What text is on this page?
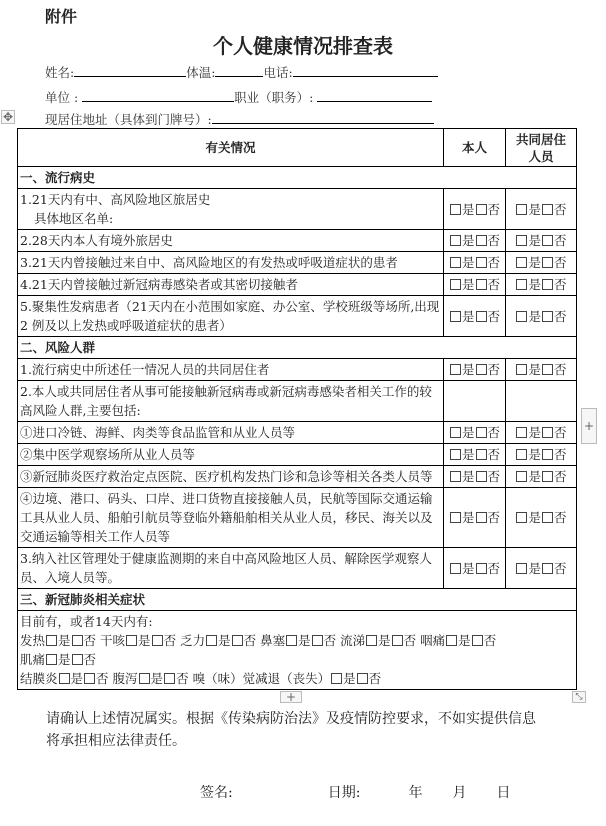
附件
个人健康情况排查表
姓名:	体温:	电话:
单位 :	职业（职务）:
现居住地址（具体到门牌号）:
✥
有关情况	本人	共同居住人员
一、流行病史		
1.21天内有中、高风险地区旅居史
具体地区名单:	是 否	是 否
2.28天内本人有境外旅居史	是 否	是 否
3.21天内曾接触过来自中、高风险地区的有发热或呼吸道症状的患者	是 否	是 否
4.21天内曾接触过新冠病毒感染者或其密切接触者	是 否	是 否
5.聚集性发病患者（21天内在小范围如家庭、办公室、学校班级等场所,出现 2 例及以上发热或呼吸道症状的患者）	是 否	是 否
二、风险人群		
1.流行病史中所述任一情况人员的共同居住者	是 否	是 否
2.本人或共同居住者从事可能接触新冠病毒或新冠病毒感染者相关工作的较高风险人群,主要包括:		
①进口冷链、海鲜、肉类等食品监管和从业人员等	是 否	是 否
②集中医学观察场所从业人员等	是 否	是 否
③新冠肺炎医疗救治定点医院、医疗机构发热门诊和急诊等相关各类人员等	是 否	是 否
④边境、港口、码头、口岸、进口货物直接接触人员，民航等国际交通运输工具从业人员、船舶引航员等登临外籍船舶相关从业人员，移民、海关以及交通运输等相关工作人员等	是 否	是 否
3.纳入社区管理处于健康监测期的来自中高风险地区人员、解除医学观察人员、入境人员等。	是 否	是 否
三、新冠肺炎相关症状		
目前有，或者14天内有:
发热 是 否 干咳 是 否 乏力 是 否 鼻塞 是 否 流涕 是 否 咽痛 是 否 肌痛 是 否
结膜炎 是 否 腹泻 是 否 嗅（味）觉减退（丧失） 是 否		
+
+	⤡
请确认上述情况属实。根据《传染病防治法》及疫情防控要求，不如实提供信息将承担相应法律责任。
签名:	日期:	年 月 日
